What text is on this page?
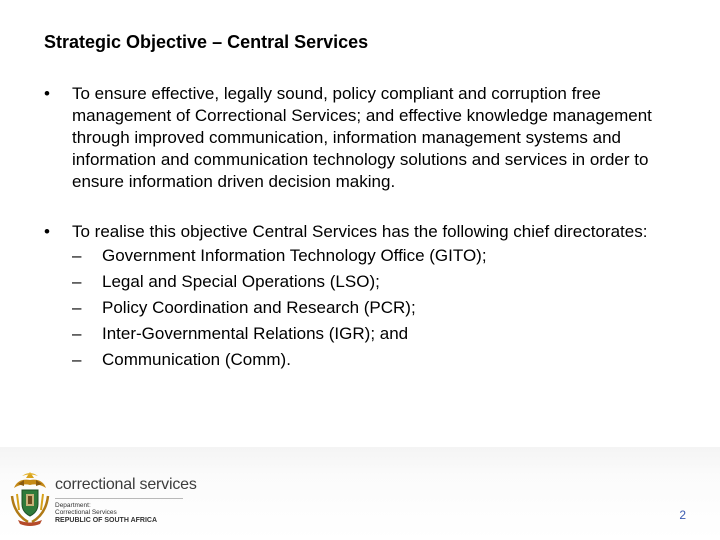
Strategic Objective – Central Services
•	To ensure effective, legally sound, policy compliant and corruption free management of Correctional Services; and effective knowledge management through improved communication, information management systems and information and communication technology solutions and services in order to ensure information driven decision making.
•	To realise this objective Central Services has the following chief directorates:
– Government Information Technology Office (GITO);
– Legal and Special Operations (LSO);
– Policy Coordination and Research (PCR);
– Inter-Governmental Relations (IGR); and
– Communication (Comm).
correctional services
Department:
Correctional Services
REPUBLIC OF SOUTH AFRICA	2
